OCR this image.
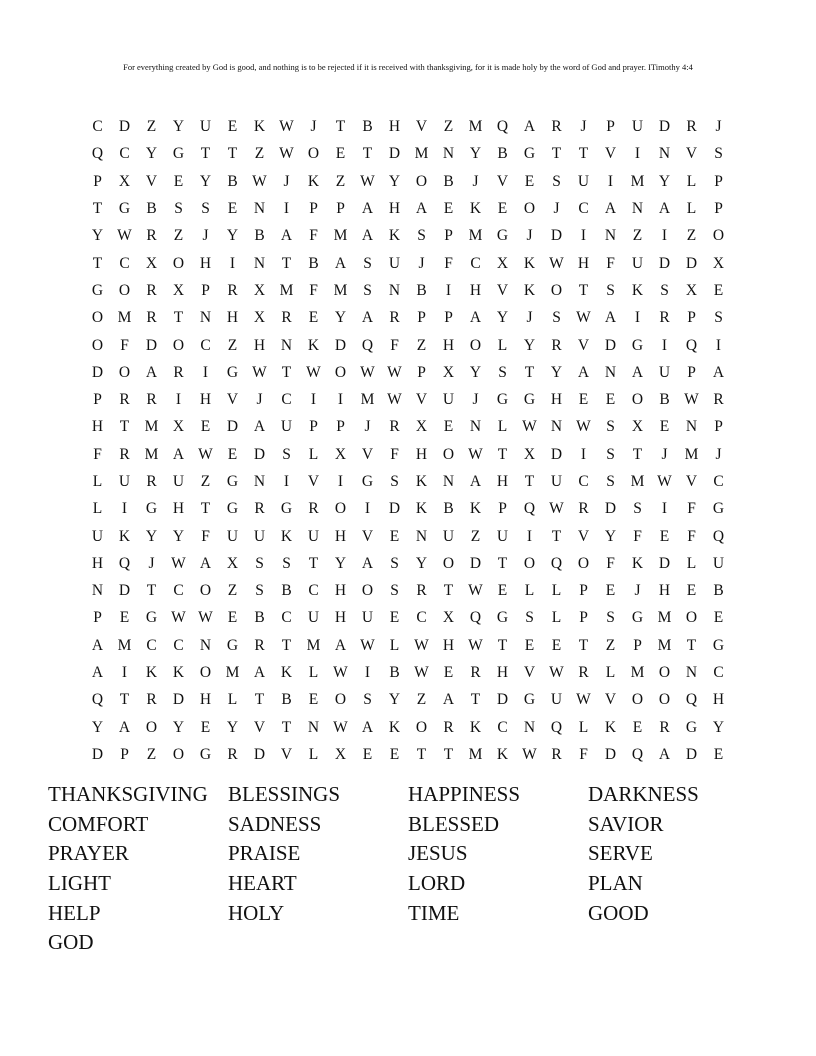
For everything created by God is good, and nothing is to be rejected if it is received with thanksgiving, for it is made holy by the word of God and prayer. ITimothy 4:4
C	D	Z	Y	U	E	K W	J	T	B	H	V	Z M Q	A	R	J	P	U	D	R	J
Q	C	Y	G	T	T	Z W O	E	T	D M N	Y	B	G	T	T	V	I	N	V	S
P	X	V	E	Y	B W	J	K	Z W Y	O	B	J	V	E	S	U	I	M Y	L	P
T	G	B	S	S	E	N	I	P	P	A	H	A	E	K	E	O	J	C	A	N	A	L	P
Y W R	Z	J	Y	B	A	F	M A	K	S	P	M G	J	D	I	N	Z	I	Z	O
T	C	X	O	H	I	N	T	B	A	S	U	J	F	C	X	K W H	F	U	D	D	X
G	O	R	X	P	R	X M	F	M	S	N	B	I	H	V	K	O	T	S	K	S	X	E
O M R	T	N	H	X	R	E	Y	A	R	P	P	A	Y	J	S W A	I	R	P	S
O	F	D	O	C	Z	H	N	K	D	Q	F	Z	H	O	L	Y	R	V	D	G	I	Q	I
D	O	A	R	I	G W T W O W W P	X	Y	S	T	Y	A	N	A	U	P	A
P	R	R	I	H	V	J	C	I	I	M W V	U	J	G	G	H	E	E	O	B W R
H	T M X	E	D	A	U	P	P	J	R	X	E	N	L W N W S	X	E	N	P
F	R M A W E	D	S	L	X	V	F	H	O W T	X	D	I	S	T	J	M	J
L	U	R	U	Z	G	N	I	V	I	G	S	K	N	A	H	T	U	C	S	M W V	C
L	I	G	H	T	G	R	G	R	O	I	D	K	B	K	P	Q W R	D	S	I	F	G
U	K	Y	Y	F	U	U	K	U	H	V	E	N	U	Z	U	I	T	V	Y	F	E	F	Q
H	Q	J	W A	X	S	S	T	Y	A	S	Y	O	D	T	O	Q	O	F	K	D	L	U
N	D	T	C	O	Z	S	B	C	H	O	S	R	T W E	L	L	P	E	J	H	E	B
P	E	G W W E	B	C	U	H	U	E	C	X	Q	G	S	L	P	S	G M O	E
A M C	C	N	G	R	T M A W L W H W T	E	E	T	Z	P	M T	G
A	I	K	K	O M A	K	L W	I	B W E	R	H	V W R	L M O	N	C
Q	T	R	D	H	L	T	B	E	O	S	Y	Z	A	T	D	G	U W V	O	O	Q	H
Y	A	O	Y	E	Y	V	T	N W A	K	O	R	K	C	N	Q	L	K	E	R	G	Y
D	P	Z	O	G	R	D	V	L	X	E	E	T	T M K W R	F	D	Q	A	D	E
THANKSGIVING BLESSINGS	HAPPINESS	DARKNESS
COMFORT	SADNESS	BLESSED	SAVIOR
PRAYER	PRAISE	JESUS	SERVE
LIGHT	HEART	LORD	PLAN
HELP	HOLY	TIME	GOOD
GOD
